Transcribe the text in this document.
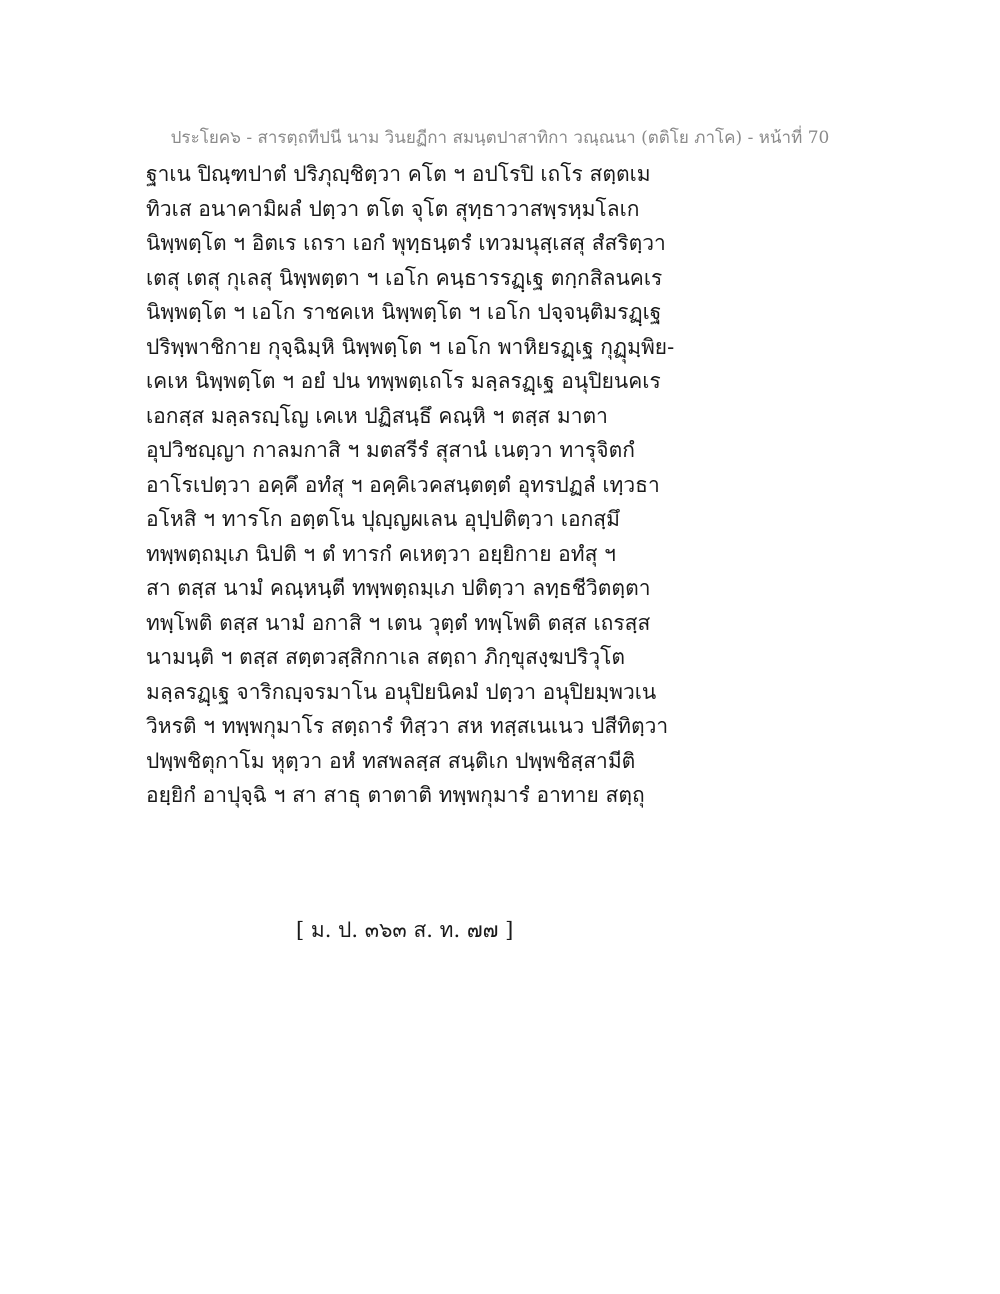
ประโยค๖ - สารตฺถทีปนี นาม วินยฏีกา สมนฺตปาสาทิกา วณฺณนา (ตติโย ภาโค) - หน้าที่ 70
ฐาเน ปิณฺฑปาตํ ปริภุญฺชิตฺวา คโต ฯ อปโรปิ เถโร สตฺตเม
ทิวเส อนาคามิผลํ ปตฺวา ตโต จุโต สุทฺธาวาสพฺรหฺมโลเก
นิพฺพตฺโต ฯ อิตเร เถรา เอกํ พุทฺธนฺตรํ เทวมนุสฺเสสุ สํสริตฺวา
เตสุ เตสุ กุเลสุ นิพฺพตฺตา ฯ เอโก คนฺธารรฏฺเฐ ตกฺกสิลนคเร
นิพฺพตฺโต ฯ เอโก ราชคเห นิพฺพตฺโต ฯ เอโก ปจฺจนฺติมรฏฺเฐ
ปริพฺพาชิกาย กุจฺฉิมฺหิ นิพฺพตฺโต ฯ เอโก พาหิยรฏฺเฐ กุฏุมฺพิย-
เคเห นิพฺพตฺโต ฯ อยํ ปน ทพฺพตฺเถโร มลฺลรฏฺเฐ อนุปิยนคเร
เอกสฺส มลฺลรญฺโญ เคเห ปฏิสนฺธึ คณฺหิ ฯ ตสฺส มาตา
อุปวิชญฺญา กาลมกาสิ ฯ มตสรีรํ สุสานํ เนตฺวา ทารุจิตกํ
อาโรเปตฺวา อคฺคึ อทํสุ ฯ อคฺคิเวคสนฺตตฺตํ อุทรปฏลํ เทฺวธา
อโหสิ ฯ ทารโก อตฺตโน ปุญฺญผเลน อุปฺปติตฺวา เอกสฺมึ
ทพฺพตฺถมฺเภ นิปติ ฯ ตํ ทารกํ คเหตฺวา อยฺยิกาย อทํสุ ฯ
สา ตสฺส นามํ คณฺหนฺตี ทพฺพตฺถมฺเภ ปติตฺวา ลทฺธชีวิตตฺตา
ทพฺโพติ ตสฺส นามํ อกาสิ ฯ เตน วุตฺตํ ทพฺโพติ ตสฺส เถรสฺส
นามนฺติ ฯ ตสฺส สตฺตวสฺสิกกาเล สตฺถา ภิกฺขุสงฺฆปริวุโต
มลฺลรฏฺเฐ จาริกญฺจรมาโน อนุปิยนิคมํ ปตฺวา อนุปิยมฺพวเน
วิหรติ ฯ ทพฺพกุมาโร สตฺถารํ ทิสฺวา สห ทสฺสเนเนว ปสีทิตฺวา
ปพฺพชิตุกาโม หุตฺวา อหํ ทสพลสฺส สนฺติเก ปพฺพชิสฺสามีติ
อยฺยิกํ อาปุจฺฉิ ฯ สา สาธุ ตาตาติ ทพฺพกุมารํ อาทาย สตฺถุ
[ ม. ป. ๓๖๓ ส. ท. ๗๗ ]
